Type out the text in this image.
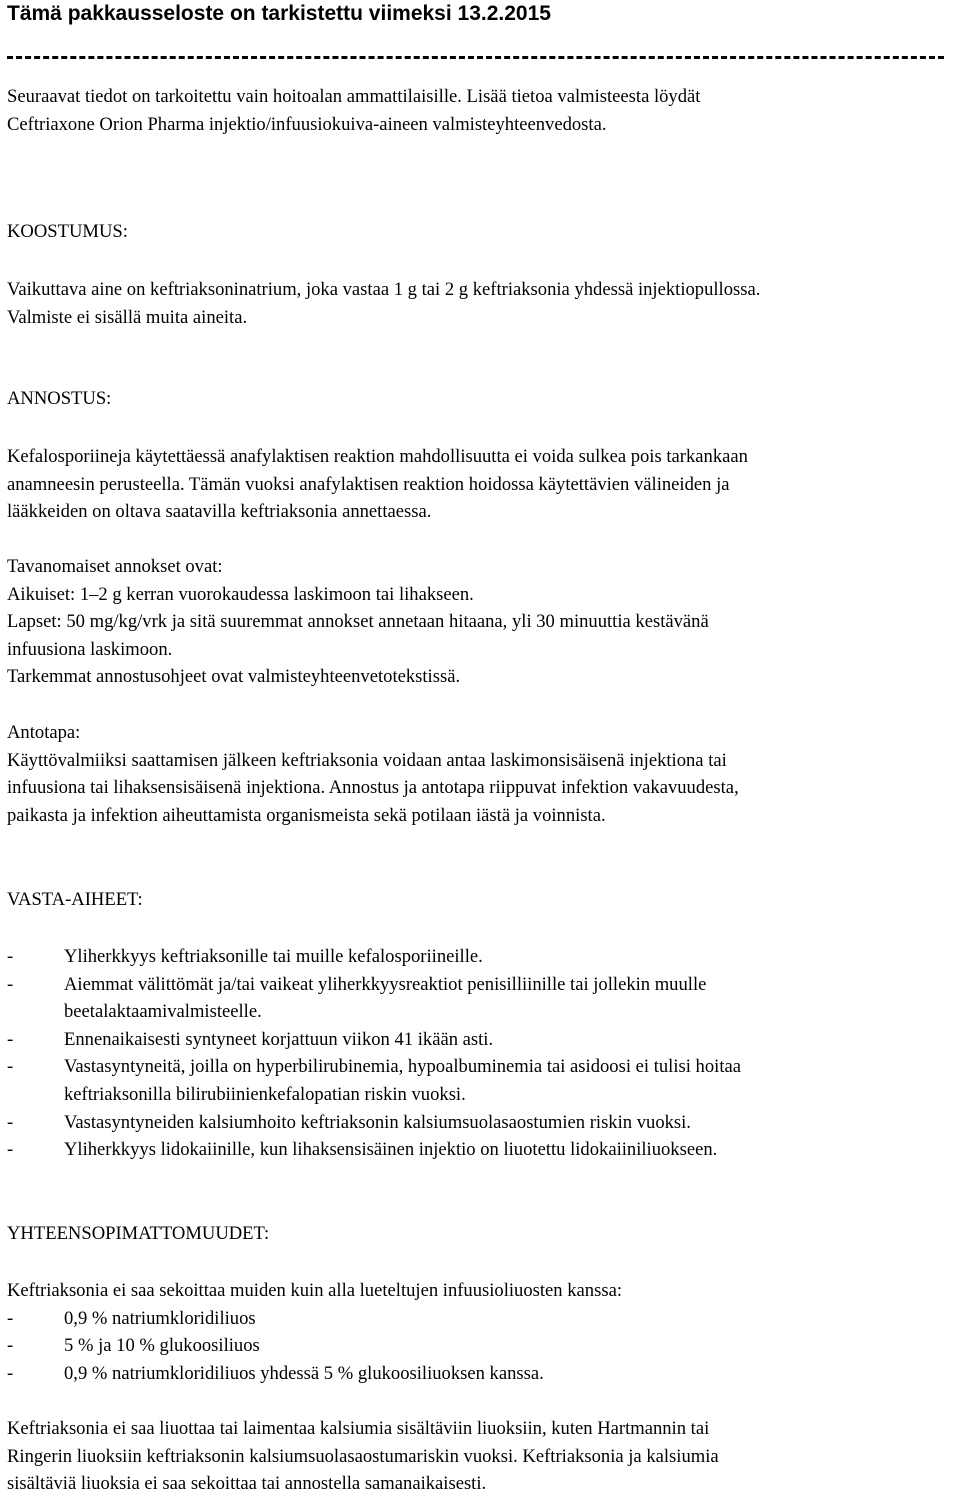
Tämä pakkausseloste on tarkistettu viimeksi 13.2.2015
Seuraavat tiedot on tarkoitettu vain hoitoalan ammattilaisille. Lisää tietoa valmisteesta löydät
Ceftriaxone Orion Pharma injektio/infuusiokuiva-aineen valmisteyhteenvedosta.
KOOSTUMUS:
Vaikuttava aine on keftriaksoninatrium, joka vastaa 1 g tai 2 g keftriaksonia yhdessä injektiopullossa.
Valmiste ei sisällä muita aineita.
ANNOSTUS:
Kefalosporiineja käytettäessä anafylaktisen reaktion mahdollisuutta ei voida sulkea pois tarkankaan
anamneesin perusteella. Tämän vuoksi anafylaktisen reaktion hoidossa käytettävien välineiden ja
lääkkeiden on oltava saatavilla keftriaksonia annettaessa.
Tavanomaiset annokset ovat:
Aikuiset: 1–2 g kerran vuorokaudessa laskimoon tai lihakseen.
Lapset: 50 mg/kg/vrk ja sitä suuremmat annokset annetaan hitaana, yli 30 minuuttia kestävänä
infuusiona laskimoon.
Tarkemmat annostusohjeet ovat valmisteyhteenvetotekstissä.
Antotapa:
Käyttövalmiiksi saattamisen jälkeen keftriaksonia voidaan antaa laskimonsisäisenä injektiona tai
infuusiona tai lihaksensisäisenä injektiona. Annostus ja antotapa riippuvat infektion vakavuudesta,
paikasta ja infektion aiheuttamista organismeista sekä potilaan iästä ja voinnista.
VASTA-AIHEET:
-	Yliherkkyys keftriaksonille tai muille kefalosporiineille.
-	Aiemmat välittömät ja/tai vaikeat yliherkkyysreaktiot penisilliinille tai jollekin muulle
beetalaktaamivalmisteelle.
-	Ennenaikaisesti syntyneet korjattuun viikon 41 ikään asti.
-	Vastasyntyneitä, joilla on hyperbilirubinemia, hypoalbuminemia tai asidoosi ei tulisi hoitaa
keftriaksonilla bilirubiinienkefalopatian riskin vuoksi.
-	Vastasyntyneiden kalsiumhoito keftriaksonin kalsiumsuolasaostumien riskin vuoksi.
-	Yliherkkyys lidokaiinille, kun lihaksensisäinen injektio on liuotettu lidokaiiniliuokseen.
YHTEENSOPIMATTOMUUDET:
Keftriaksonia ei saa sekoittaa muiden kuin alla lueteltujen infuusioliuosten kanssa:
-	0,9 % natriumkloridiliuos
-	5 % ja 10 % glukoosiliuos
-	0,9 % natriumkloridiliuos yhdessä 5 % glukoosiliuoksen kanssa.
Keftriaksonia ei saa liuottaa tai laimentaa kalsiumia sisältäviin liuoksiin, kuten Hartmannin tai
Ringerin liuoksiin keftriaksonin kalsiumsuolasaostumariskin vuoksi. Keftriaksonia ja kalsiumia
sisältäviä liuoksia ei saa sekoittaa tai annostella samanaikaisesti.
